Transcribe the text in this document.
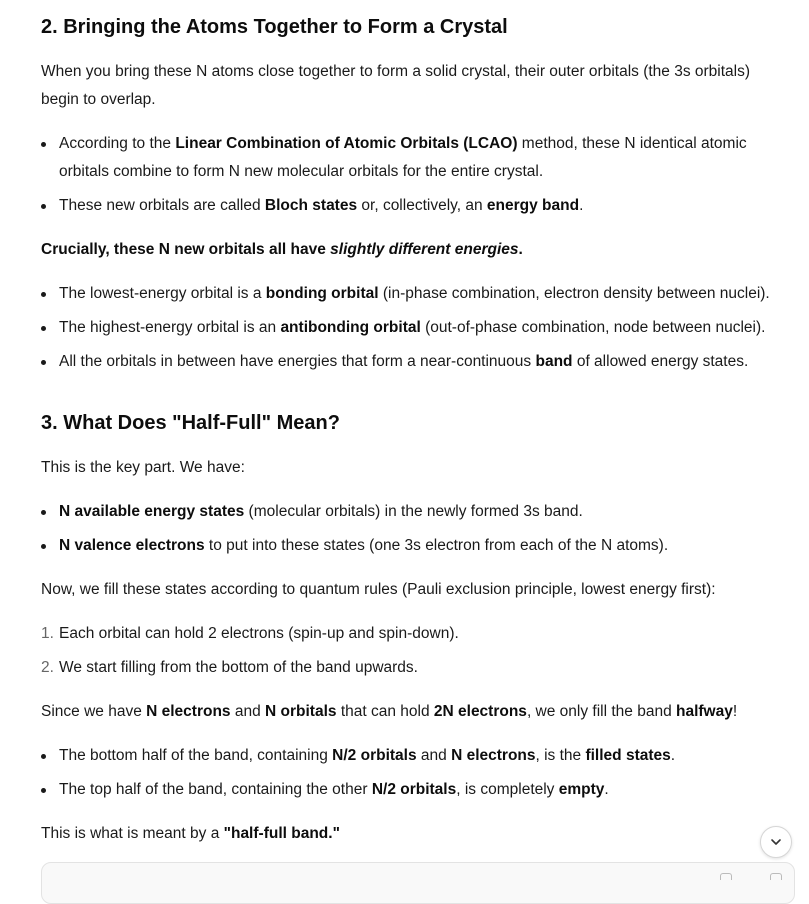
2. Bringing the Atoms Together to Form a Crystal

When you bring these N atoms close together to form a solid crystal, their outer orbitals (the 3s orbitals) begin to overlap.

According to the Linear Combination of Atomic Orbitals (LCAO) method, these N identical atomic orbitals combine to form N new molecular orbitals for the entire crystal.
These new orbitals are called Bloch states or, collectively, an energy band.

Crucially, these N new orbitals all have slightly different energies.

The lowest-energy orbital is a bonding orbital (in-phase combination, electron density between nuclei).
The highest-energy orbital is an antibonding orbital (out-of-phase combination, node between nuclei).
All the orbitals in between have energies that form a near-continuous band of allowed energy states.
3. What Does "Half-Full" Mean?

This is the key part. We have:

N available energy states (molecular orbitals) in the newly formed 3s band.
N valence electrons to put into these states (one 3s electron from each of the N atoms).

Now, we fill these states according to quantum rules (Pauli exclusion principle, lowest energy first):

1. Each orbital can hold 2 electrons (spin-up and spin-down).
2. We start filling from the bottom of the band upwards.

Since we have N electrons and N orbitals that can hold 2N electrons, we only fill the band halfway!

The bottom half of the band, containing N/2 orbitals and N electrons, is the filled states.
The top half of the band, containing the other N/2 orbitals, is completely empty.

This is what is meant by a "half-full band."
